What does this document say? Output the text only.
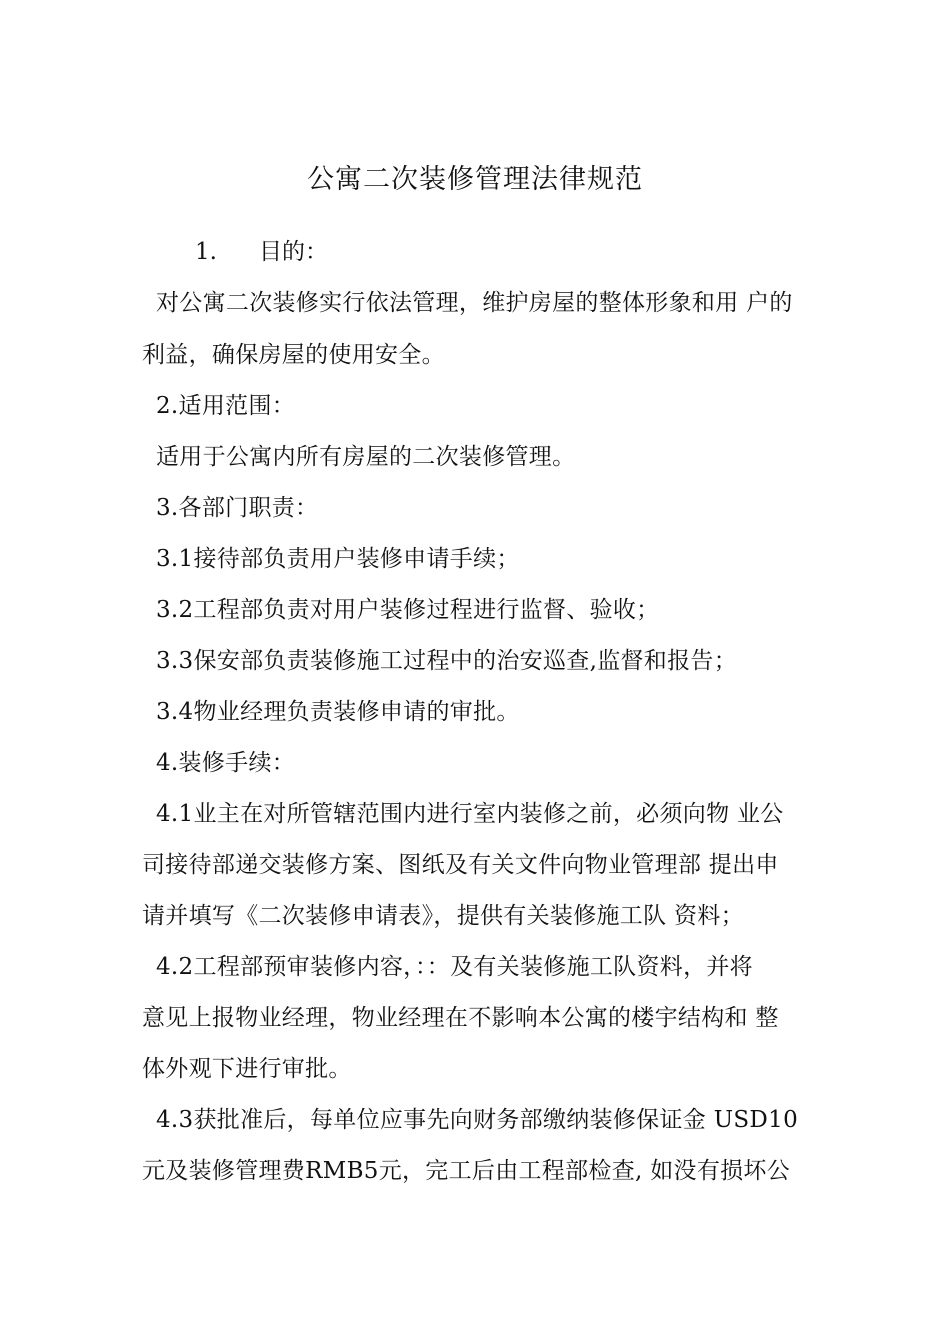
公寓二次装修管理法律规范
1. 目的：
对公寓二次装修实行依法管理，维护房屋的整体形象和用 户的
利益，确保房屋的使用安全。
2.适用范围：
适用于公寓内所有房屋的二次装修管理。
3.各部门职责：
3.1接待部负责用户装修申请手续；
3.2工程部负责对用户装修过程进行监督、验收；
3.3保安部负责装修施工过程中的治安巡查,监督和报告；
3.4物业经理负责装修申请的审批。
4.装修手续：
4.1业主在对所管辖范围内进行室内装修之前，必须向物 业公
司接待部递交装修方案、图纸及有关文件向物业管理部 提出申
请并填写《二次装修申请表》，提供有关装修施工队 资料；
4.2工程部预审装修内容，：：及有关装修施工队资料，并将
意见上报物业经理，物业经理在不影响本公寓的楼宇结构和 整
体外观下进行审批。
4.3获批准后，每单位应事先向财务部缴纳装修保证金 USD10
元及装修管理费RMB5元，完工后由工程部检查, 如没有损坏公
